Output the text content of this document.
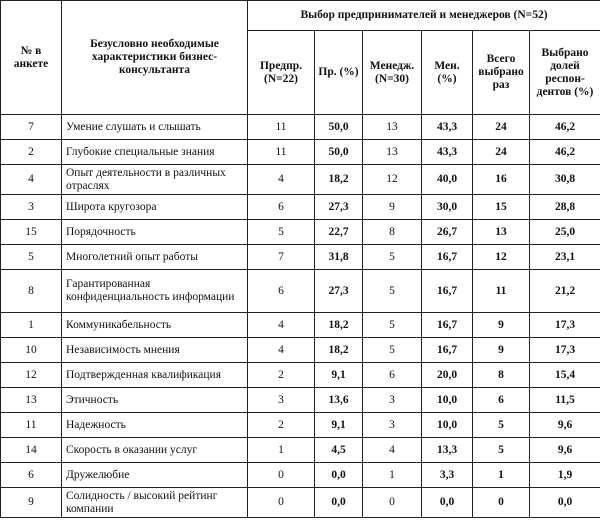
№ в анкете	Безусловно необходимые характеристики бизнес-консультанта	Выбор предпринимателей и менеджеров (N=52)					
		Предпр. (N=22)	Пр. (%)	Менедж. (N=30)	Мен. (%)	Всего выбрано раз	Выбрано долей респон-дентов (%)
7	Умение слушать и слышать	11	50,0	13	43,3	24	46,2
2	Глубокие специальные знания	11	50,0	13	43,3	24	46,2
4	Опыт деятельности в различных отраслях	4	18,2	12	40,0	16	30,8
3	Широта кругозора	6	27,3	9	30,0	15	28,8
15	Порядочность	5	22,7	8	26,7	13	25,0
5	Многолетний опыт работы	7	31,8	5	16,7	12	23,1
8	Гарантированная конфиденциальность информации	6	27,3	5	16,7	11	21,2
1	Коммуникабельность	4	18,2	5	16,7	9	17,3
10	Независимость мнения	4	18,2	5	16,7	9	17,3
12	Подтвержденная квалификация	2	9,1	6	20,0	8	15,4
13	Этичность	3	13,6	3	10,0	6	11,5
11	Надежность	2	9,1	3	10,0	5	9,6
14	Скорость в оказании услуг	1	4,5	4	13,3	5	9,6
6	Дружелюбие	0	0,0	1	3,3	1	1,9
9	Солидность / высокий рейтинг компании	0	0,0	0	0,0	0	0,0
